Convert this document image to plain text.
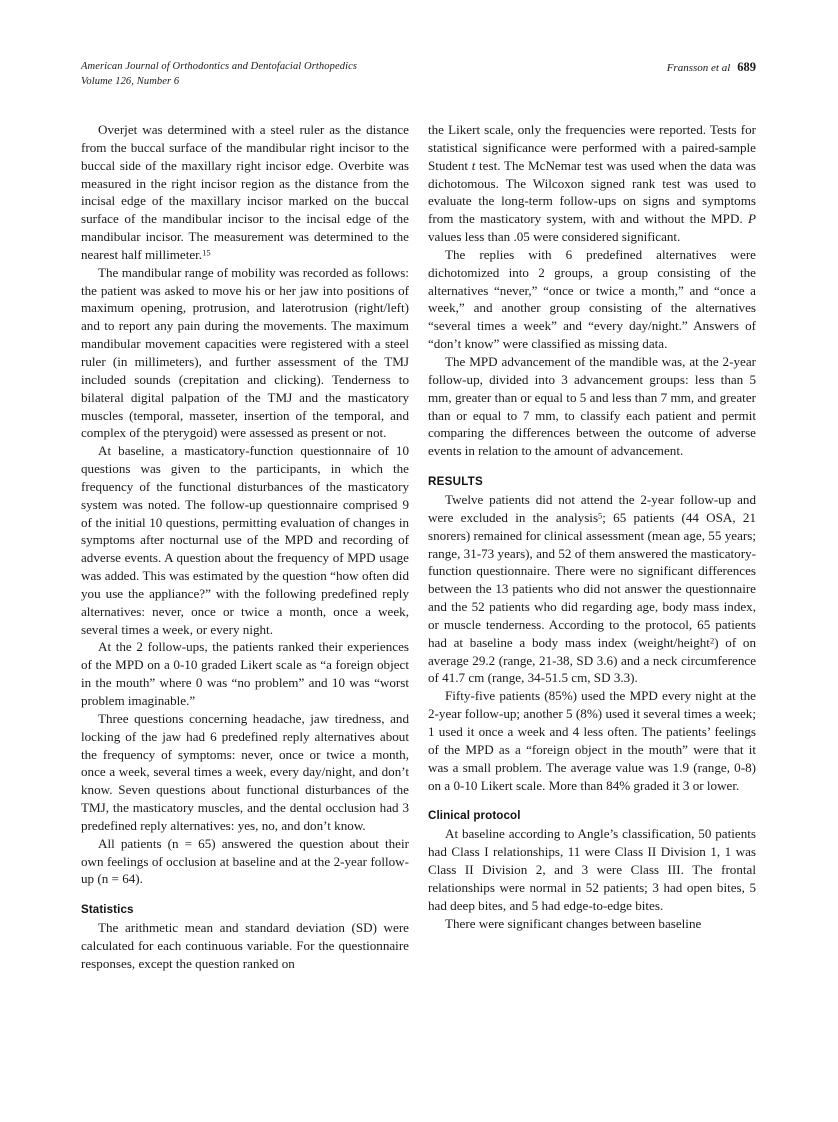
American Journal of Orthodontics and Dentofacial Orthopedics
Volume 126, Number 6
Fransson et al 689

Overjet was determined with a steel ruler as the distance from the buccal surface of the mandibular right incisor to the buccal side of the maxillary right incisor edge. Overbite was measured in the right incisor region as the distance from the incisal edge of the maxillary incisor marked on the buccal surface of the mandibular incisor to the incisal edge of the mandibular incisor. The measurement was determined to the nearest half millimeter.$^{15}$

The mandibular range of mobility was recorded as follows: the patient was asked to move his or her jaw into positions of maximum opening, protrusion, and laterotrusion (right/left) and to report any pain during the movements. The maximum mandibular movement capacities were registered with a steel ruler (in millimeters), and further assessment of the TMJ included sounds (crepitation and clicking). Tenderness to bilateral digital palpation of the TMJ and the masticatory muscles (temporal, masseter, insertion of the temporal, and complex of the pterygoid) were assessed as present or not.

At baseline, a masticatory-function questionnaire of 10 questions was given to the participants, in which the frequency of the functional disturbances of the masticatory system was noted. The follow-up questionnaire comprised 9 of the initial 10 questions, permitting evaluation of changes in symptoms after nocturnal use of the MPD and recording of adverse events. A question about the frequency of MPD usage was added. This was estimated by the question “how often did you use the appliance?” with the following predefined reply alternatives: never, once or twice a month, once a week, several times a week, or every night.

At the 2 follow-ups, the patients ranked their experiences of the MPD on a 0-10 graded Likert scale as “a foreign object in the mouth” where 0 was “no problem” and 10 was “worst problem imaginable.”

Three questions concerning headache, jaw tiredness, and locking of the jaw had 6 predefined reply alternatives about the frequency of symptoms: never, once or twice a month, once a week, several times a week, every day/night, and don’t know. Seven questions about functional disturbances of the TMJ, the masticatory muscles, and the dental occlusion had 3 predefined reply alternatives: yes, no, and don’t know.

All patients (n = 65) answered the question about their own feelings of occlusion at baseline and at the 2-year follow-up (n = 64).

Statistics

The arithmetic mean and standard deviation (SD) were calculated for each continuous variable. For the questionnaire responses, except the question ranked on

the Likert scale, only the frequencies were reported. Tests for statistical significance were performed with a paired-sample Student t test. The McNemar test was used when the data was dichotomous. The Wilcoxon signed rank test was used to evaluate the long-term follow-ups on signs and symptoms from the masticatory system, with and without the MPD. P values less than .05 were considered significant.

The replies with 6 predefined alternatives were dichotomized into 2 groups, a group consisting of the alternatives “never,” “once or twice a month,” and “once a week,” and another group consisting of the alternatives “several times a week” and “every day/night.” Answers of “don’t know” were classified as missing data.

The MPD advancement of the mandible was, at the 2-year follow-up, divided into 3 advancement groups: less than 5 mm, greater than or equal to 5 and less than 7 mm, and greater than or equal to 7 mm, to classify each patient and permit comparing the differences between the outcome of adverse events in relation to the amount of advancement.

RESULTS

Twelve patients did not attend the 2-year follow-up and were excluded in the analysis$^5$; 65 patients (44 OSA, 21 snorers) remained for clinical assessment (mean age, 55 years; range, 31-73 years), and 52 of them answered the masticatory-function questionnaire. There were no significant differences between the 13 patients who did not answer the questionnaire and the 52 patients who did regarding age, body mass index, or muscle tenderness. According to the protocol, 65 patients had at baseline a body mass index (weight/height$^2$) of on average 29.2 (range, 21-38, SD 3.6) and a neck circumference of 41.7 cm (range, 34-51.5 cm, SD 3.3).

Fifty-five patients (85%) used the MPD every night at the 2-year follow-up; another 5 (8%) used it several times a week; 1 used it once a week and 4 less often. The patients’ feelings of the MPD as a “foreign object in the mouth” were that it was a small problem. The average value was 1.9 (range, 0-8) on a 0-10 Likert scale. More than 84% graded it 3 or lower.

Clinical protocol

At baseline according to Angle’s classification, 50 patients had Class I relationships, 11 were Class II Division 1, 1 was Class II Division 2, and 3 were Class III. The frontal relationships were normal in 52 patients; 3 had open bites, 5 had deep bites, and 5 had edge-to-edge bites.

There were significant changes between baseline
